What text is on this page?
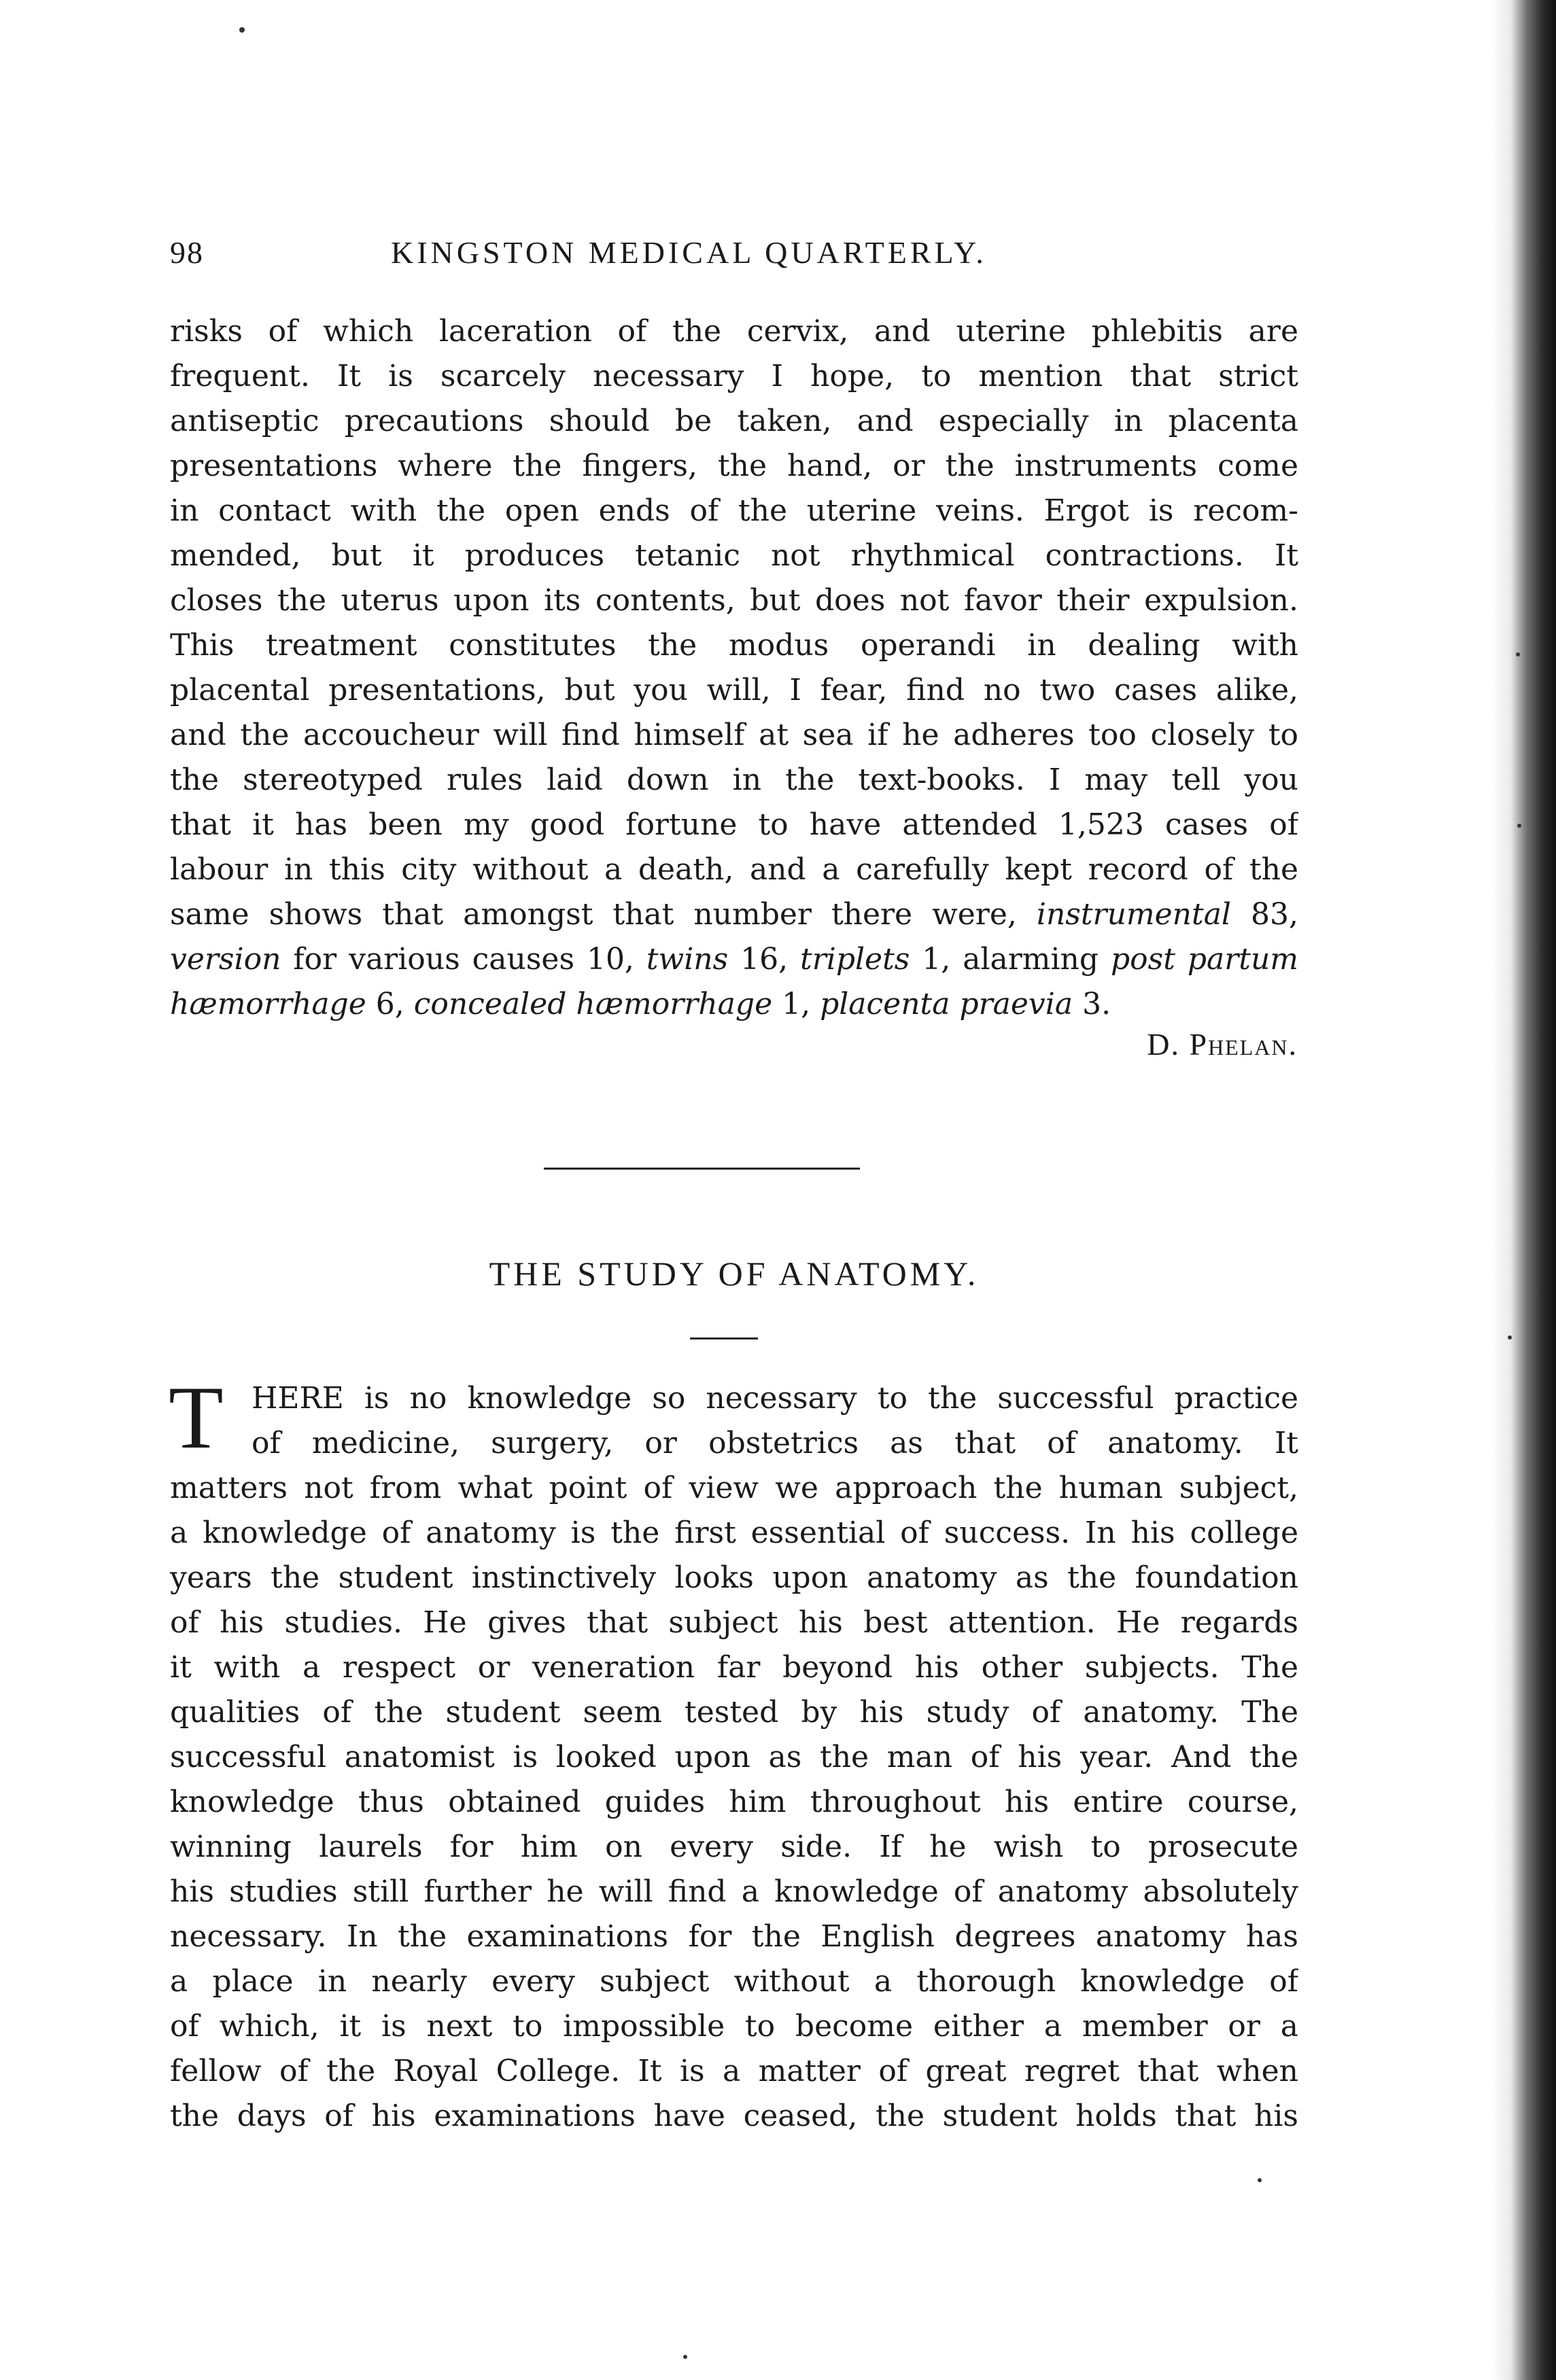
98	KINGSTON MEDICAL QUARTERLY.
risks of which laceration of the cervix, and uterine phlebitis are
frequent. It is scarcely necessary I hope, to mention that strict
antiseptic precautions should be taken, and especially in placenta
presentations where the fingers, the hand, or the instruments come
in contact with the open ends of the uterine veins. Ergot is recom-
mended, but it produces tetanic not rhythmical contractions. It
closes the uterus upon its contents, but does not favor their expulsion.
This treatment constitutes the modus operandi in dealing with
placental presentations, but you will, I fear, find no two cases alike,
and the accoucheur will find himself at sea if he adheres too closely to
the stereotyped rules laid down in the text-books. I may tell you
that it has been my good fortune to have attended 1,523 cases of
labour in this city without a death, and a carefully kept record of the
same shows that amongst that number there were, instrumental 83,
version for various causes 10, twins 16, triplets 1, alarming post partum
hæmorrhage 6, concealed hæmorrhage 1, placenta praevia 3.
D. Phelan.
THE STUDY OF ANATOMY.
T HERE is no knowledge so necessary to the successful practice
of medicine, surgery, or obstetrics as that of anatomy. It
matters not from what point of view we approach the human subject,
a knowledge of anatomy is the first essential of success. In his college
years the student instinctively looks upon anatomy as the foundation
of his studies. He gives that subject his best attention. He regards
it with a respect or veneration far beyond his other subjects. The
qualities of the student seem tested by his study of anatomy. The
successful anatomist is looked upon as the man of his year. And the
knowledge thus obtained guides him throughout his entire course,
winning laurels for him on every side. If he wish to prosecute
his studies still further he will find a knowledge of anatomy absolutely
necessary. In the examinations for the English degrees anatomy has
a place in nearly every subject without a thorough knowledge of
of which, it is next to impossible to become either a member or a
fellow of the Royal College. It is a matter of great regret that when
the days of his examinations have ceased, the student holds that his
